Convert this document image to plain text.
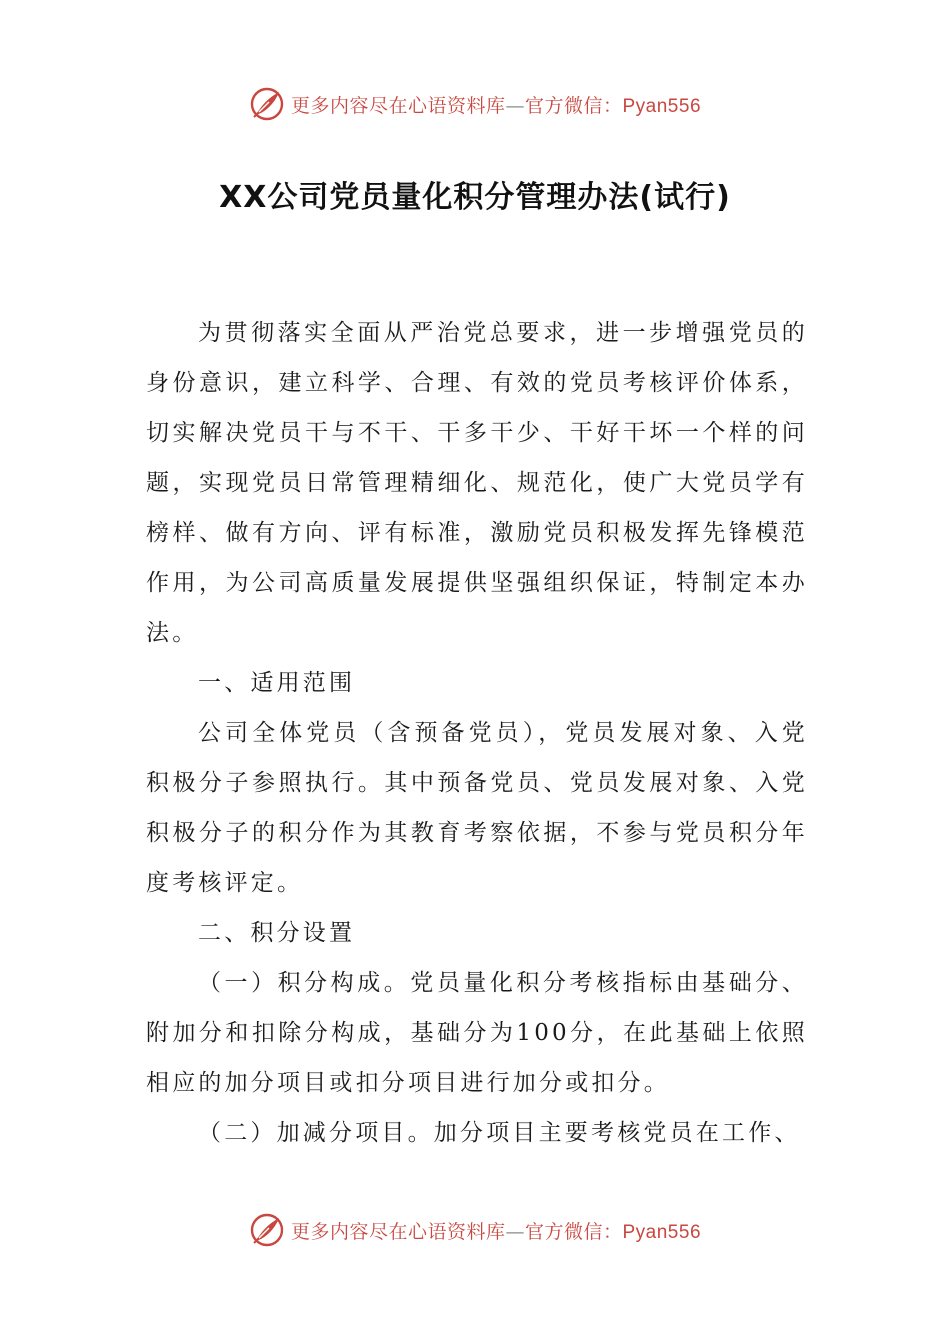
更多内容尽在心语资料库—官方微信：Pyan556
XX公司党员量化积分管理办法(试行)

为贯彻落实全面从严治党总要求，进一步增强党员的身份意识，建立科学、合理、有效的党员考核评价体系，切实解决党员干与不干、干多干少、干好干坏一个样的问题，实现党员日常管理精细化、规范化，使广大党员学有榜样、做有方向、评有标准，激励党员积极发挥先锋模范作用，为公司高质量发展提供坚强组织保证，特制定本办法。

一、适用范围

公司全体党员（含预备党员），党员发展对象、入党积极分子参照执行。其中预备党员、党员发展对象、入党积极分子的积分作为其教育考察依据，不参与党员积分年度考核评定。

二、积分设置

（一）积分构成。党员量化积分考核指标由基础分、附加分和扣除分构成，基础分为100分，在此基础上依照相应的加分项目或扣分项目进行加分或扣分。

（二）加减分项目。加分项目主要考核党员在工作、

更多内容尽在心语资料库—官方微信：Pyan556
